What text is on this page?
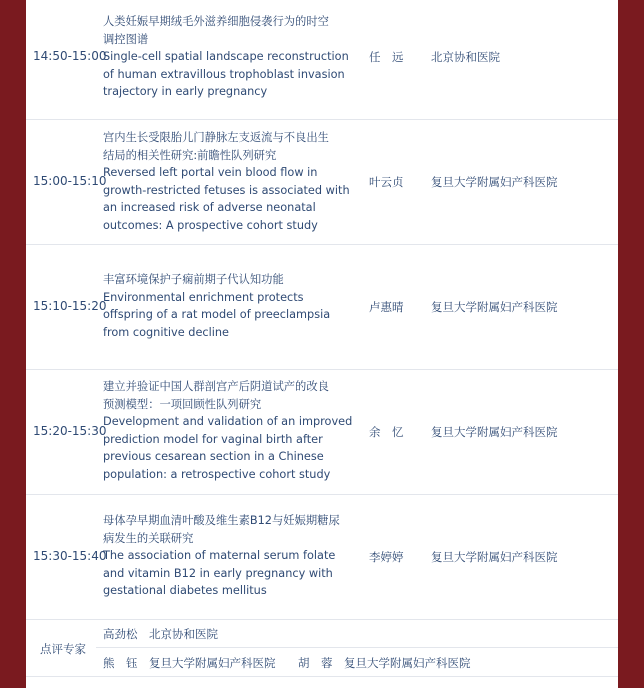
14:50-15:00
人类妊娠早期绒毛外滋养细胞侵袭行为的时空
调控图谱
Single-cell spatial landscape reconstruction
of human extravillous trophoblast invasion
trajectory in early pregnancy
任　远	北京协和医院
15:00-15:10
宫内生长受限胎儿门静脉左支返流与不良出生
结局的相关性研究:前瞻性队列研究
Reversed left portal vein blood flow in
growth-restricted fetuses is associated with
an increased risk of adverse neonatal
outcomes: A prospective cohort study
叶云贞	复旦大学附属妇产科医院
15:10-15:20
丰富环境保护子痫前期子代认知功能
Environmental enrichment protects
offspring of a rat model of preeclampsia
from cognitive decline
卢惠晴	复旦大学附属妇产科医院
15:20-15:30
建立并验证中国人群剖宫产后阴道试产的改良
预测模型：一项回顾性队列研究
Development and validation of an improved
prediction model for vaginal birth after
previous cesarean section in a Chinese
population: a retrospective cohort study
余　忆	复旦大学附属妇产科医院
15:30-15:40
母体孕早期血清叶酸及维生素B12与妊娠期糖尿
病发生的关联研究
The association of maternal serum folate
and vitamin B12 in early pregnancy with
gestational diabetes mellitus
李婷婷	复旦大学附属妇产科医院
点评专家
高劲松 北京协和医院
熊　钰 复旦大学附属妇产科医院 胡　蓉 复旦大学附属妇产科医院
